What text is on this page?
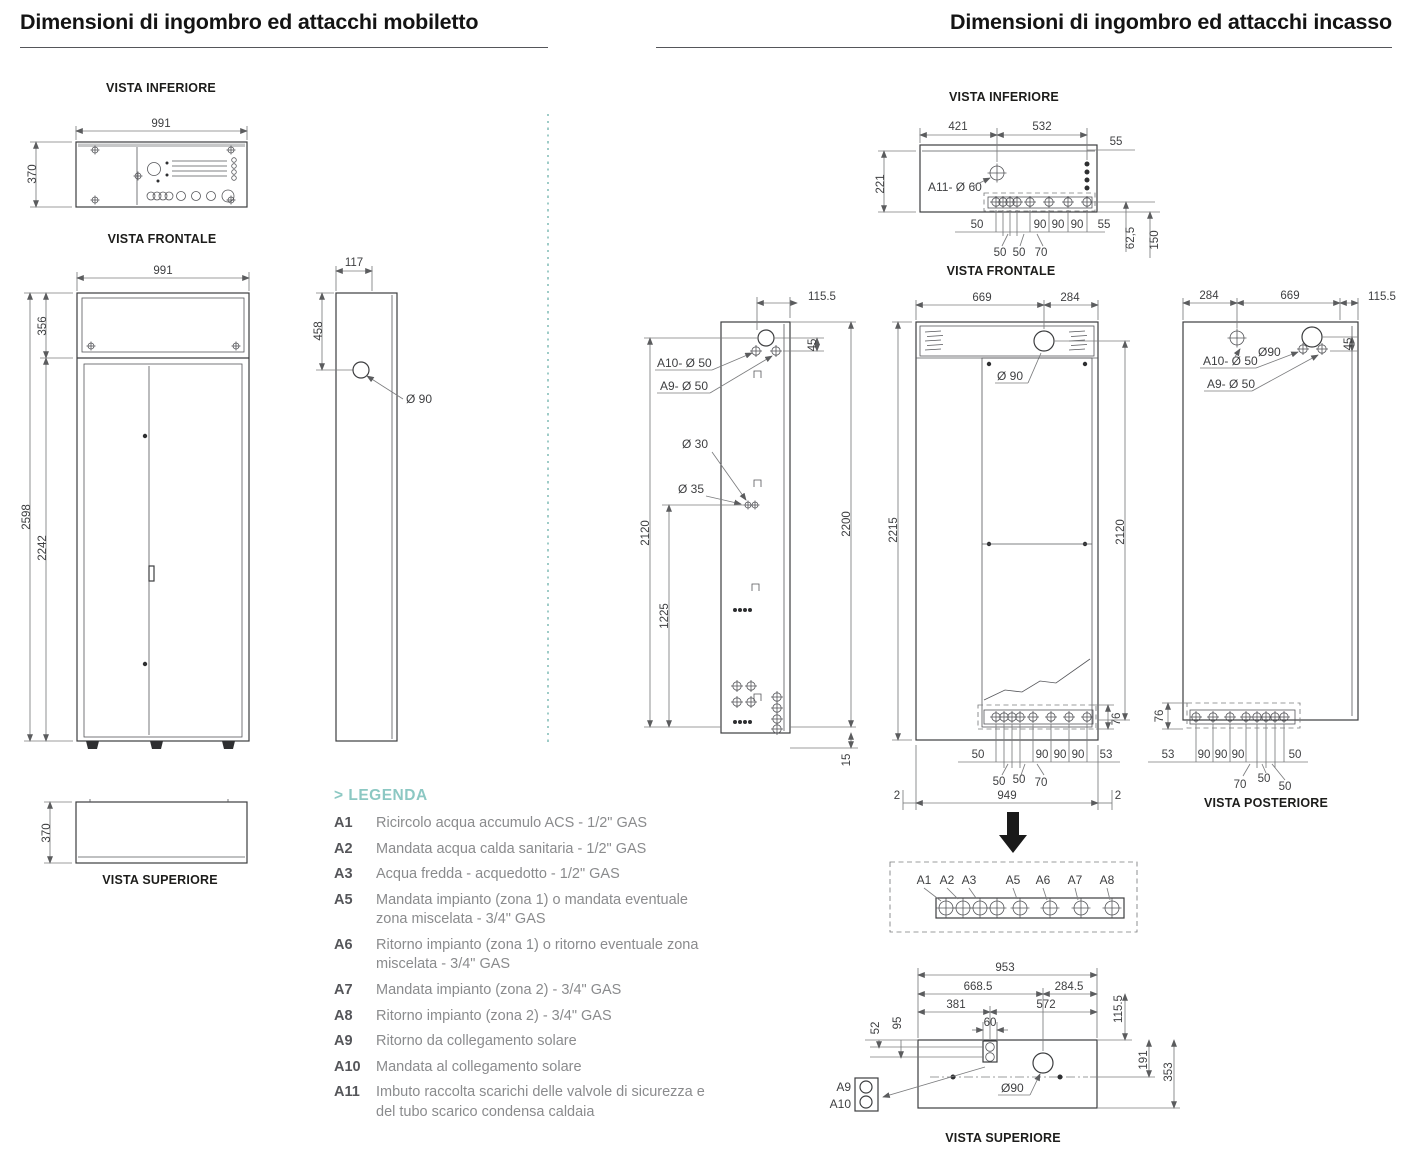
Dimensioni di ingombro ed attacchi mobiletto	Dimensioni di ingombro ed attacchi incasso
VISTA INFERIORE
VISTA FRONTALE
VISTA SUPERIORE
VISTA INFERIORE
VISTA FRONTALE
VISTA POSTERIORE
VISTA SUPERIORE
> LEGENDA
A1	Ricircolo acqua accumulo ACS - 1/2" GAS
A2	Mandata acqua calda sanitaria - 1/2" GAS
A3	Acqua fredda - acquedotto - 1/2" GAS
A5	Mandata impianto (zona 1) o mandata eventuale zona miscelata - 3/4" GAS
A6	Ritorno impianto (zona 1) o ritorno eventuale zona miscelata - 3/4" GAS
A7	Mandata impianto (zona 2) - 3/4" GAS
A8	Ritorno impianto (zona 2) - 3/4" GAS
A9	Ritorno da collegamento solare
A10	Mandata al collegamento solare
A11	Imbuto raccolta scarichi delle valvole di sicurezza e del tubo scarico condensa caldaia
991
370
991
2598
356
2242
117
458
Ø 90
370
421	532
55
221	A11- Ø 60
50	90 90 90 55
50 50 70
62,5 150
115.5
45
A10- Ø 50
A9- Ø 50
Ø 30
Ø 35
2120
1225
2200
15
Ø 90
76
669	284
2215	2120
50	90 90 90 53
50 50 70
2	949	2
Ø90
A10- Ø 50
A9- Ø 50
45
284	669	115.5
76
53 90 90 90	50
70 50
50
A1 A2 A3 A5 A6 A7 A8
Ø90
A9
A10
953
668.5	284.5
381	572
60
52 95
115.5
191
353
